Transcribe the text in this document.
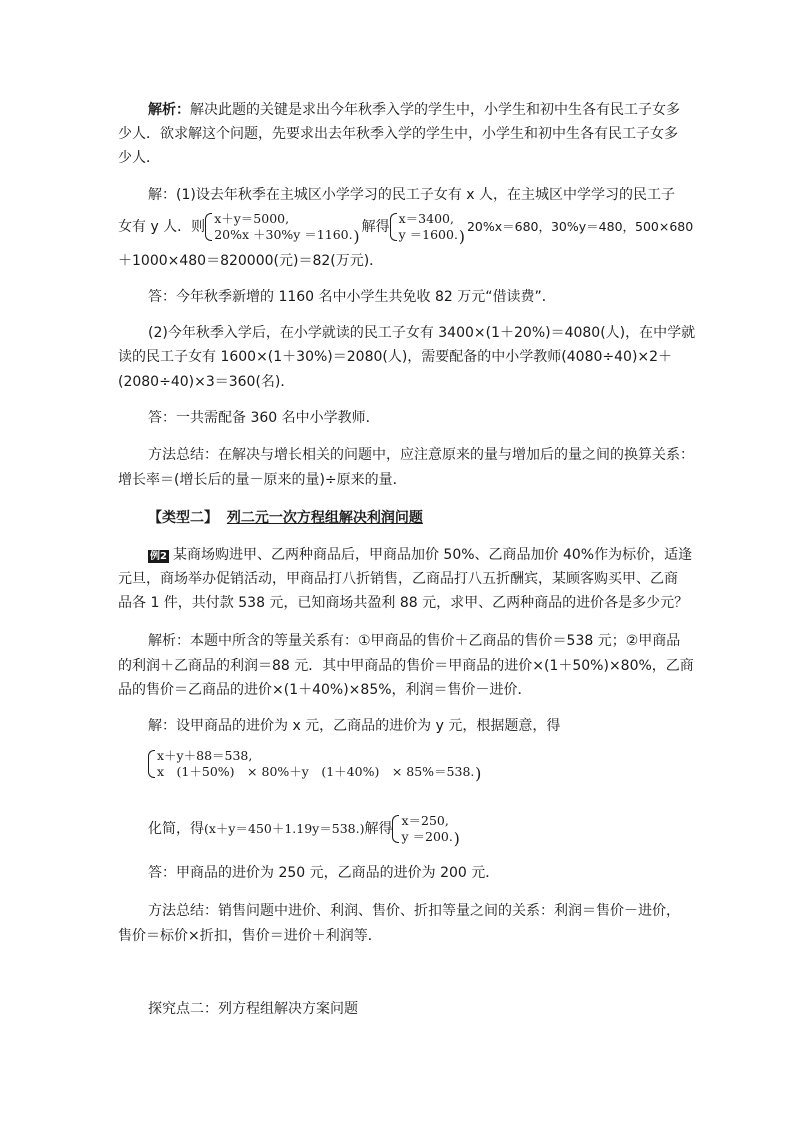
解析：解决此题的关键是求出今年秋季入学的学生中，小学生和初中生各有民工子女多
少人．欲求解这个问题，先要求出去年秋季入学的学生中，小学生和初中生各有民工子女多
少人．
解：(1)设去年秋季在主城区小学学习的民工子女有 x 人，在主城区中学学习的民工子
女有 y 人．则
x＋y＝5000,
20%x ＋30%y ＝1160.
) 解得
x＝3400,
y ＝1600.
)20%x＝680，30%y＝480，500×680
＋1000×480＝820000(元)＝82(万元)．
答：今年秋季新增的 1160 名中小学生共免收 82 万元“借读费”．
(2)今年秋季入学后，在小学就读的民工子女有 3400×(1＋20%)＝4080(人)，在中学就
读的民工子女有 1600×(1＋30%)＝2080(人)，需要配备的中小学教师(4080÷40)×2＋
(2080÷40)×3＝360(名)．
答：一共需配备 360 名中小学教师．
方法总结：在解决与增长相关的问题中，应注意原来的量与增加后的量之间的换算关系：
增长率＝(增长后的量－原来的量)÷原来的量．
【类型二】 列二元一次方程组解决利润问题
例2 某商场购进甲、乙两种商品后，甲商品加价 50%、乙商品加价 40%作为标价，适逢
元旦，商场举办促销活动，甲商品打八折销售，乙商品打八五折酬宾，某顾客购买甲、乙商
品各 1 件，共付款 538 元，已知商场共盈利 88 元，求甲、乙两种商品的进价各是多少元？
解析：本题中所含的等量关系有：①甲商品的售价＋乙商品的售价＝538 元；②甲商品
的利润＋乙商品的利润＝88 元．其中甲商品的售价＝甲商品的进价×(1＋50%)×80%，乙商
品的售价＝乙商品的进价×(1＋40%)×85%，利润＝售价－进价．
解：设甲商品的进价为 x 元，乙商品的进价为 y 元，根据题意，得
x＋y＋88＝538,
x　(1＋50%)　× 80%＋y　(1＋40%)　× 85%＝538.
)
化简，得(x＋y＝450＋1.19y＝538.)解得
x＝250,
y ＝200.
)
答：甲商品的进价为 250 元，乙商品的进价为 200 元．
方法总结：销售问题中进价、利润、售价、折扣等量之间的关系：利润＝售价－进价，
售价＝标价×折扣，售价＝进价＋利润等．
探究点二：列方程组解决方案问题
